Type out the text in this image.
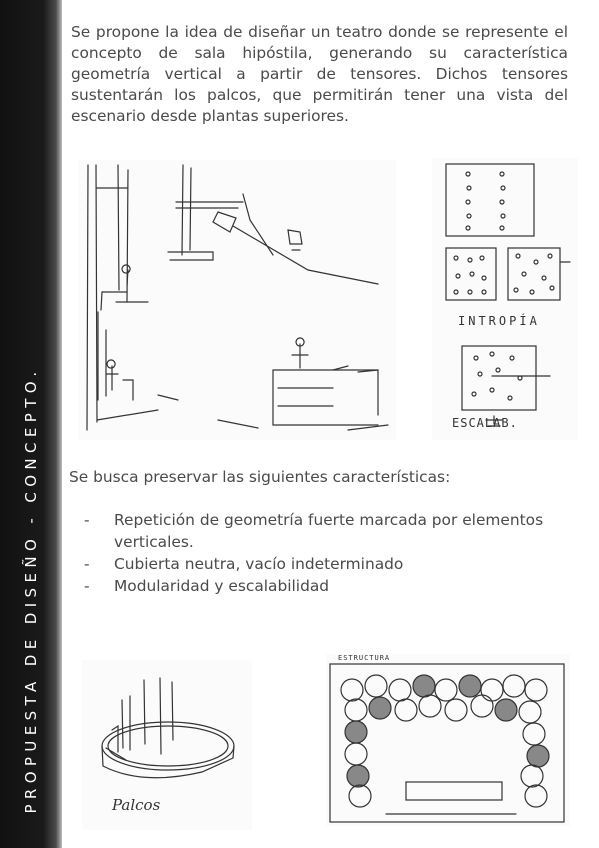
PROPUESTA DE DISEÑO - CONCEPTO.

Se propone la idea de diseñar un teatro donde se represente el concepto de sala hipóstila, generando su característica geometría vertical a partir de tensores. Dichos tensores sustentarán los palcos, que permitirán tener una vista del escenario desde plantas superiores.

INTROPÍA
ESCALAB.

Se busca preservar las siguientes características:

- Repetición de geometría fuerte marcada por elementos verticales.
- Cubierta neutra, vacío indeterminado
- Modularidad y escalabilidad
Palcos
ESTRUCTURA
